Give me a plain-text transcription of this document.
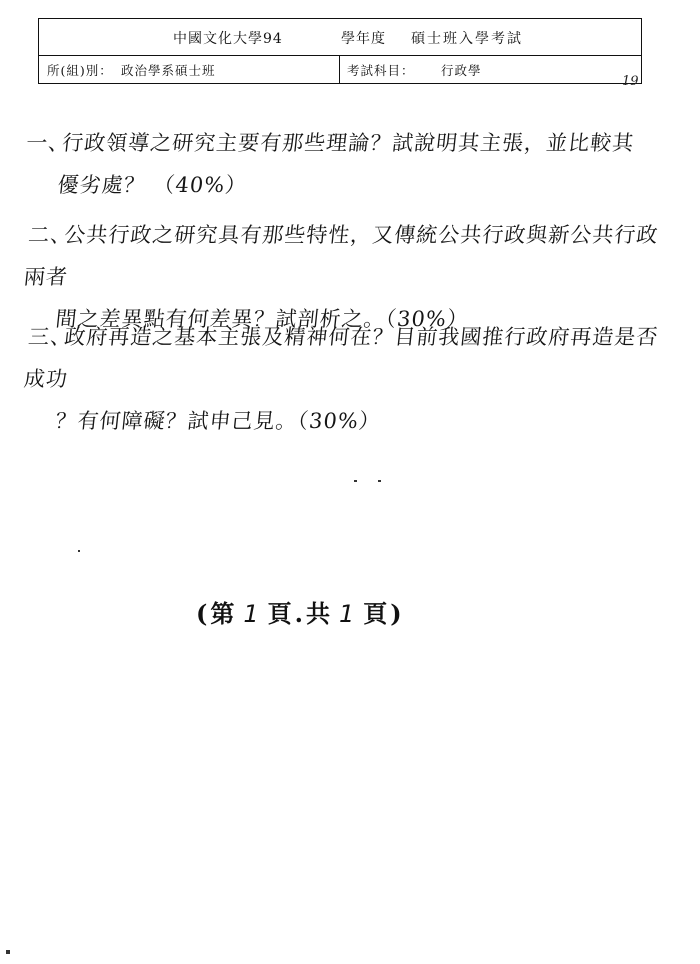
中國文化大學94	學年度 碩士班入學考試
所(組)別： 政治學系碩士班	考試科目： 行政學
19
一、行政領導之研究主要有那些理論？試說明其主張，並比較其
優劣處？ （40%）
二、公共行政之研究具有那些特性，又傳統公共行政與新公共行政兩者
間之差異點有何差異？試剖析之。（30%）
三、政府再造之基本主張及精神何在？目前我國推行政府再造是否成功
？有何障礙？試申己見。（30%）
(第 1 頁.共 1 頁)
